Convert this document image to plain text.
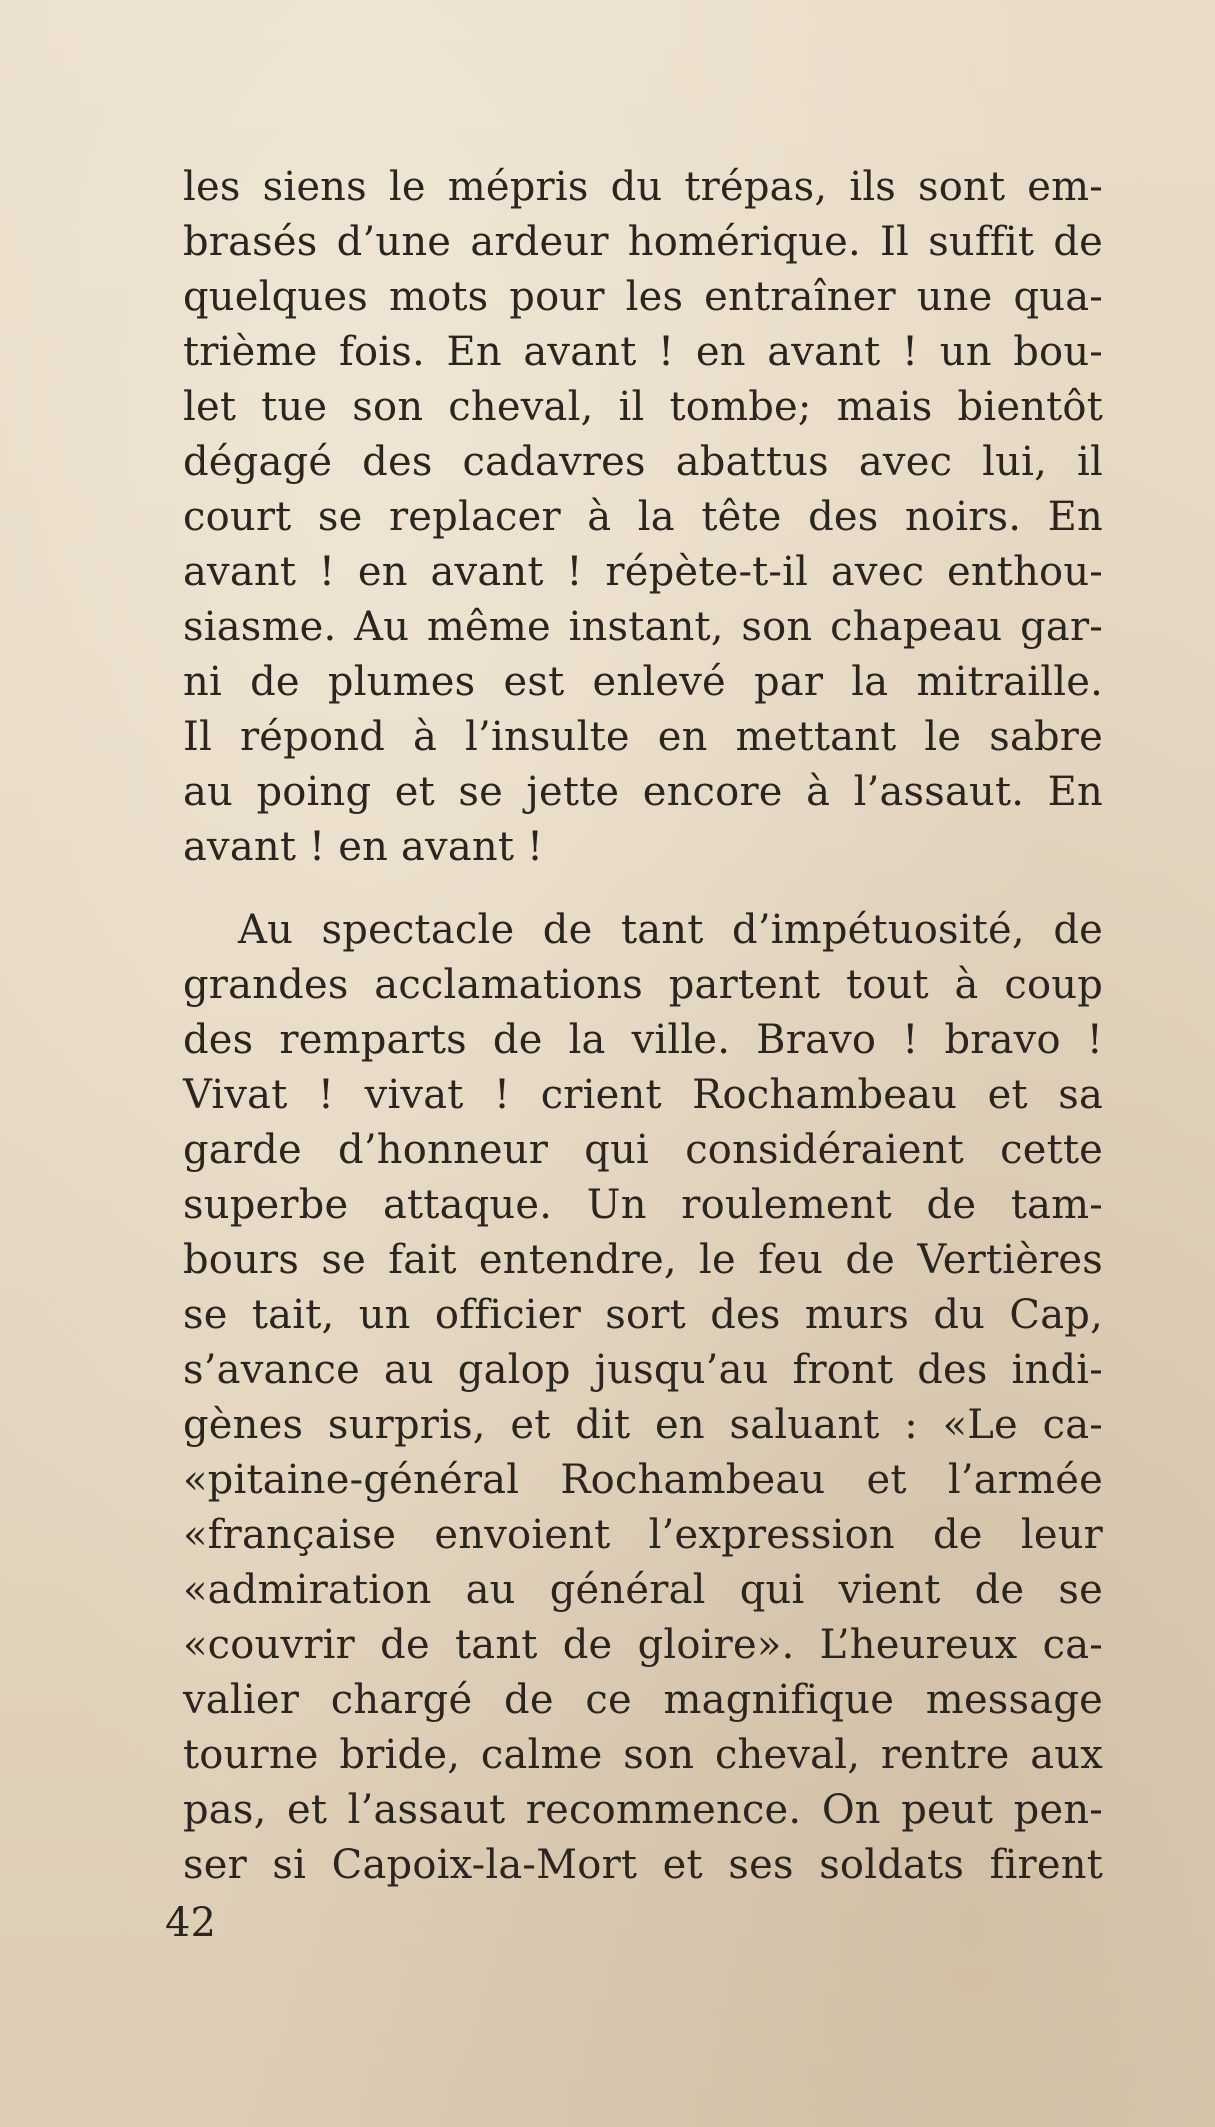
les siens le mépris du trépas, ils sont em-
brasés d’une ardeur homérique. Il suffit de
quelques mots pour les entraîner une qua-
trième fois. En avant ! en avant ! un bou-
let tue son cheval, il tombe; mais bientôt
dégagé des cadavres abattus avec lui, il
court se replacer à la tête des noirs. En
avant ! en avant ! répète-t-il avec enthou-
siasme. Au même instant, son chapeau gar-
ni de plumes est enlevé par la mitraille.
Il répond à l’insulte en mettant le sabre
au poing et se jette encore à l’assaut. En
avant ! en avant !
Au spectacle de tant d’impétuosité, de
grandes acclamations partent tout à coup
des remparts de la ville. Bravo ! bravo !
Vivat ! vivat ! crient Rochambeau et sa
garde d’honneur qui considéraient cette
superbe attaque. Un roulement de tam-
bours se fait entendre, le feu de Vertières
se tait, un officier sort des murs du Cap,
s’avance au galop jusqu’au front des indi-
gènes surpris, et dit en saluant : «Le ca-
«pitaine-général Rochambeau et l’armée
«française envoient l’expression de leur
«admiration au général qui vient de se
«couvrir de tant de gloire». L’heureux ca-
valier chargé de ce magnifique message
tourne bride, calme son cheval, rentre aux
pas, et l’assaut recommence. On peut pen-
ser si Capoix-la-Mort et ses soldats firent
42
